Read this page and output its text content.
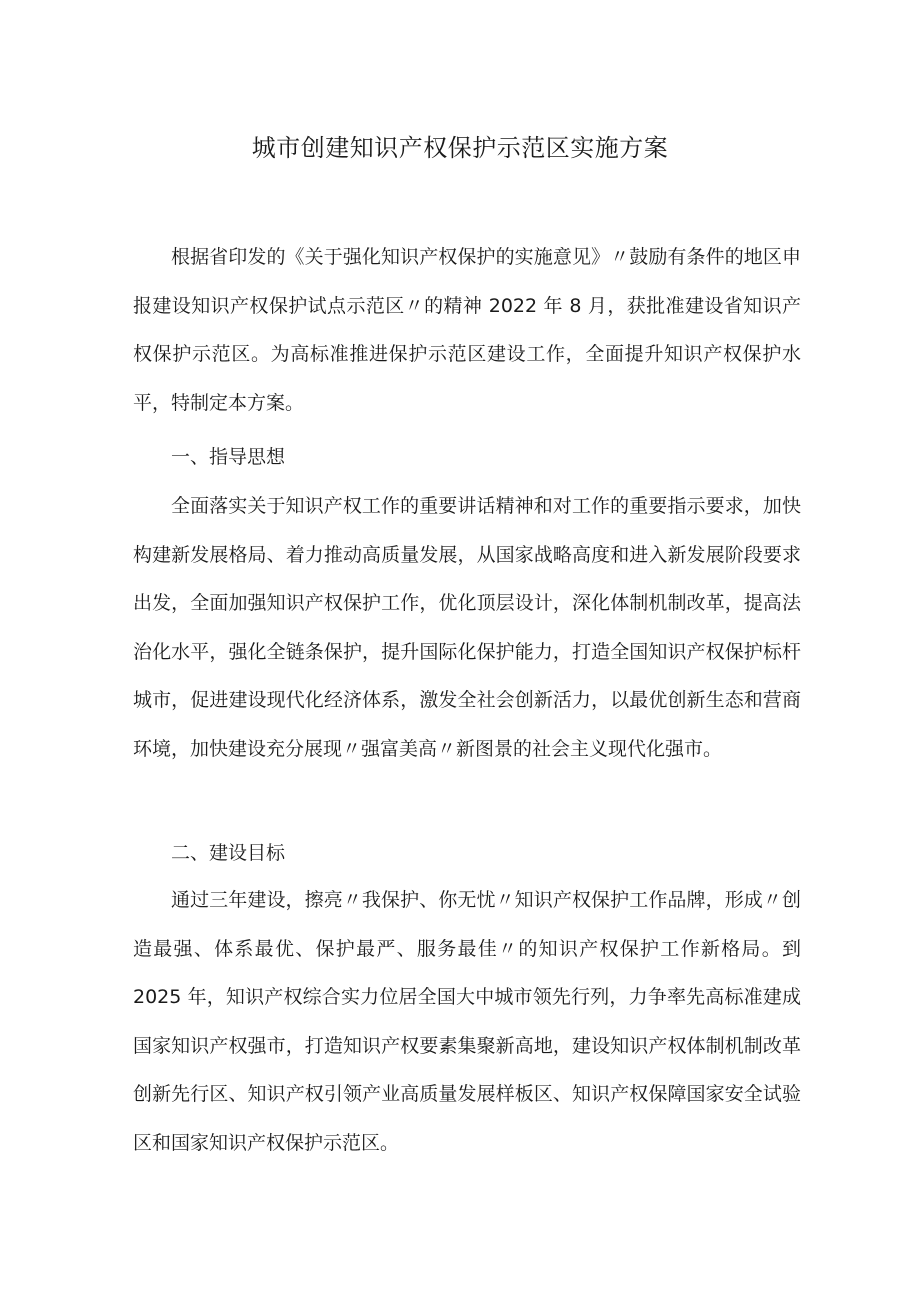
城市创建知识产权保护示范区实施方案

根据省印发的《关于强化知识产权保护的实施意见》〃鼓励有条件的地区申报建设知识产权保护试点示范区〃的精神 2022 年 8 月，获批准建设省知识产权保护示范区。为高标准推进保护示范区建设工作，全面提升知识产权保护水平，特制定本方案。

一、指导思想

全面落实关于知识产权工作的重要讲话精神和对工作的重要指示要求，加快构建新发展格局、着力推动高质量发展，从国家战略高度和进入新发展阶段要求出发，全面加强知识产权保护工作，优化顶层设计，深化体制机制改革，提高法治化水平，强化全链条保护，提升国际化保护能力，打造全国知识产权保护标杆城市，促进建设现代化经济体系，激发全社会创新活力，以最优创新生态和营商环境，加快建设充分展现〃强富美高〃新图景的社会主义现代化强市。

二、建设目标

通过三年建设，擦亮〃我保护、你无忧〃知识产权保护工作品牌，形成〃创造最强、体系最优、保护最严、服务最佳〃的知识产权保护工作新格局。到 2025 年，知识产权综合实力位居全国大中城市领先行列，力争率先高标准建成国家知识产权强市，打造知识产权要素集聚新高地，建设知识产权体制机制改革创新先行区、知识产权引领产业高质量发展样板区、知识产权保障国家安全试验区和国家知识产权保护示范区。
